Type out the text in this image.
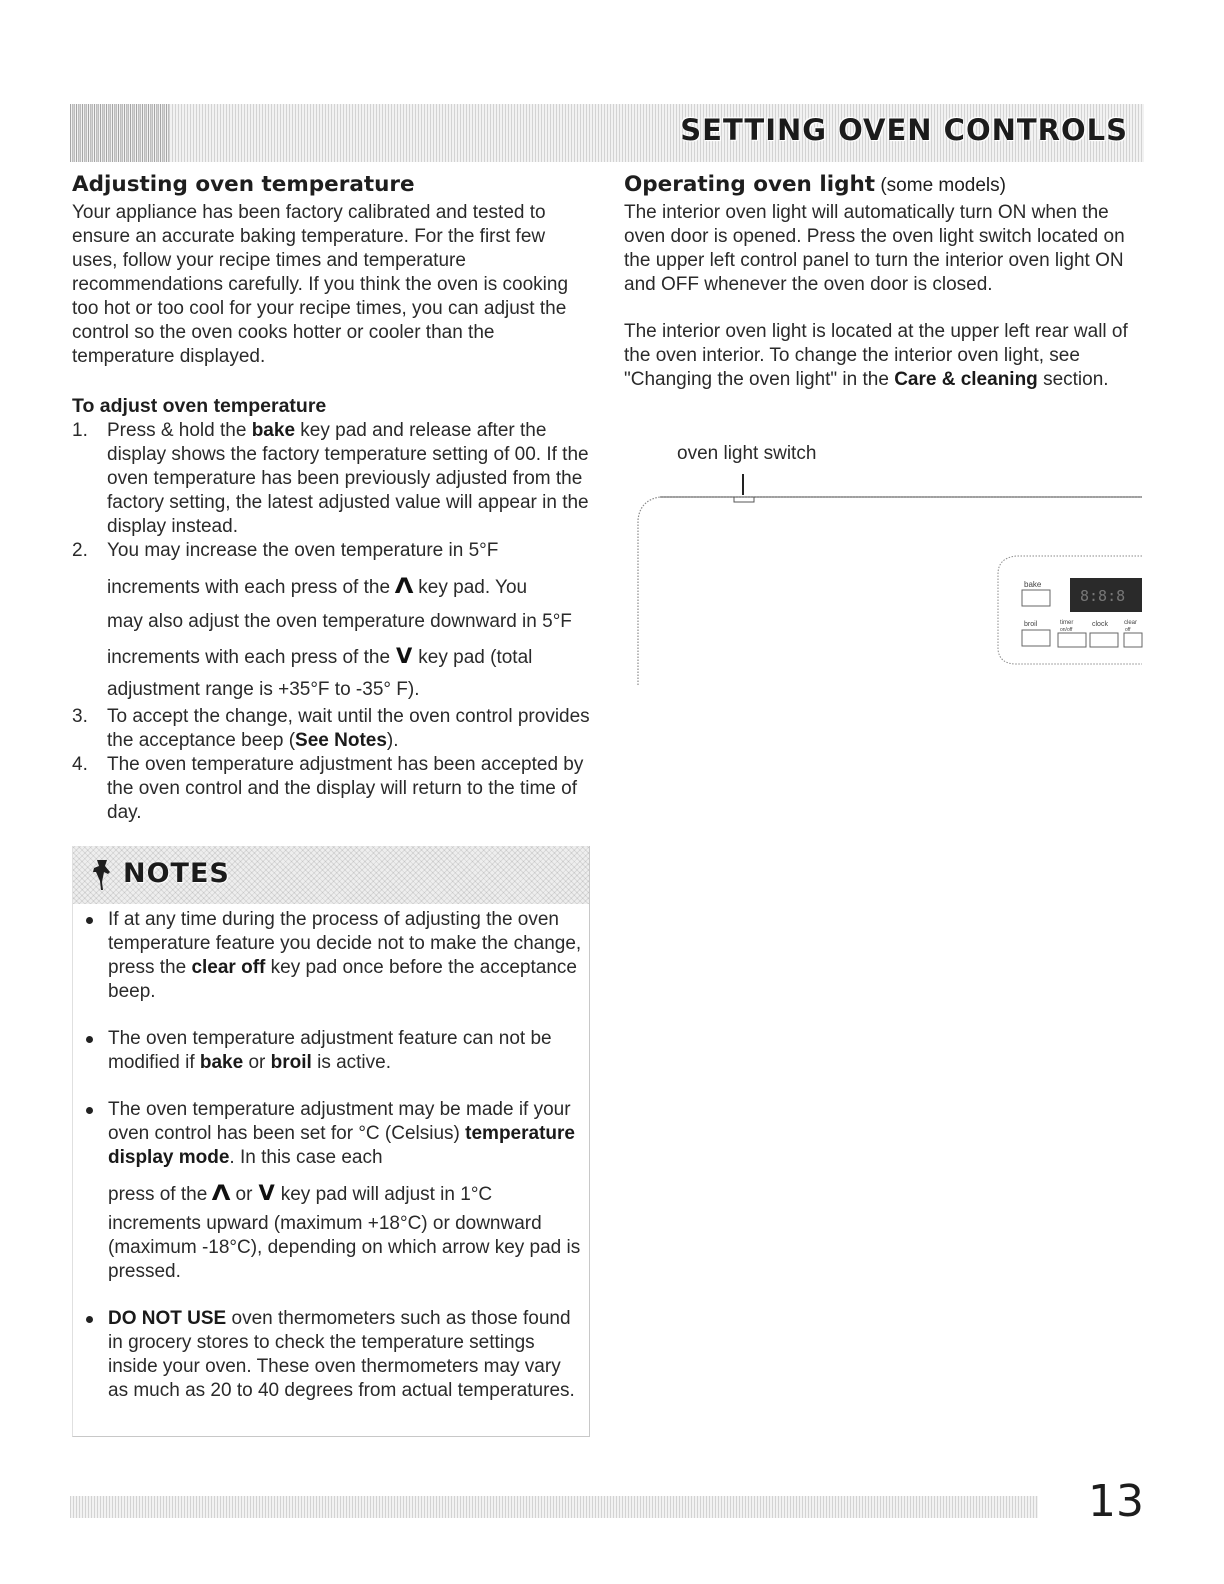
SETTING OVEN CONTROLS
Adjusting oven temperature

Your appliance has been factory calibrated and tested to ensure an accurate baking temperature. For the first few uses, follow your recipe times and temperature recommendations carefully. If you think the oven is cooking too hot or too cool for your recipe times, you can adjust the control so the oven cooks hotter or cooler than the temperature displayed.

To adjust oven temperature
1. Press & hold the bake key pad and release after the display shows the factory temperature setting of 00. If the oven temperature has been previously adjusted from the factory setting, the latest adjusted value will appear in the display instead.
2. You may increase the oven temperature in 5°F
increments with each press of the Λ key pad. You
may also adjust the oven temperature downward in 5°F
increments with each press of the V key pad (total
adjustment range is +35°F to -35° F).
3. To accept the change, wait until the oven control provides the acceptance beep (See Notes).
4. The oven temperature adjustment has been accepted by the oven control and the display will return to the time of day.
NOTES
If at any time during the process of adjusting the oven temperature feature you decide not to make the change, press the clear off key pad once before the acceptance beep.
The oven temperature adjustment feature can not be modified if bake or broil is active.
The oven temperature adjustment may be made if your oven control has been set for °C (Celsius) temperature display mode. In this case each
press of the Λ or V key pad will adjust in 1°C
increments upward (maximum +18°C) or downward (maximum -18°C), depending on which arrow key pad is pressed.
DO NOT USE oven thermometers such as those found in grocery stores to check the temperature settings inside your oven. These oven thermometers may vary as much as 20 to 40 degrees from actual temperatures.
Operating oven light (some models)

The interior oven light will automatically turn ON when the oven door is opened. Press the oven light switch located on the upper left control panel to turn the interior oven light ON and OFF whenever the oven door is closed.

The interior oven light is located at the upper left rear wall of the oven interior. To change the interior oven light, see "Changing the oven light" in the Care & cleaning section.

oven light switch
bake
8:8:8
broil	timer
on/off
clock	clear
off
13
